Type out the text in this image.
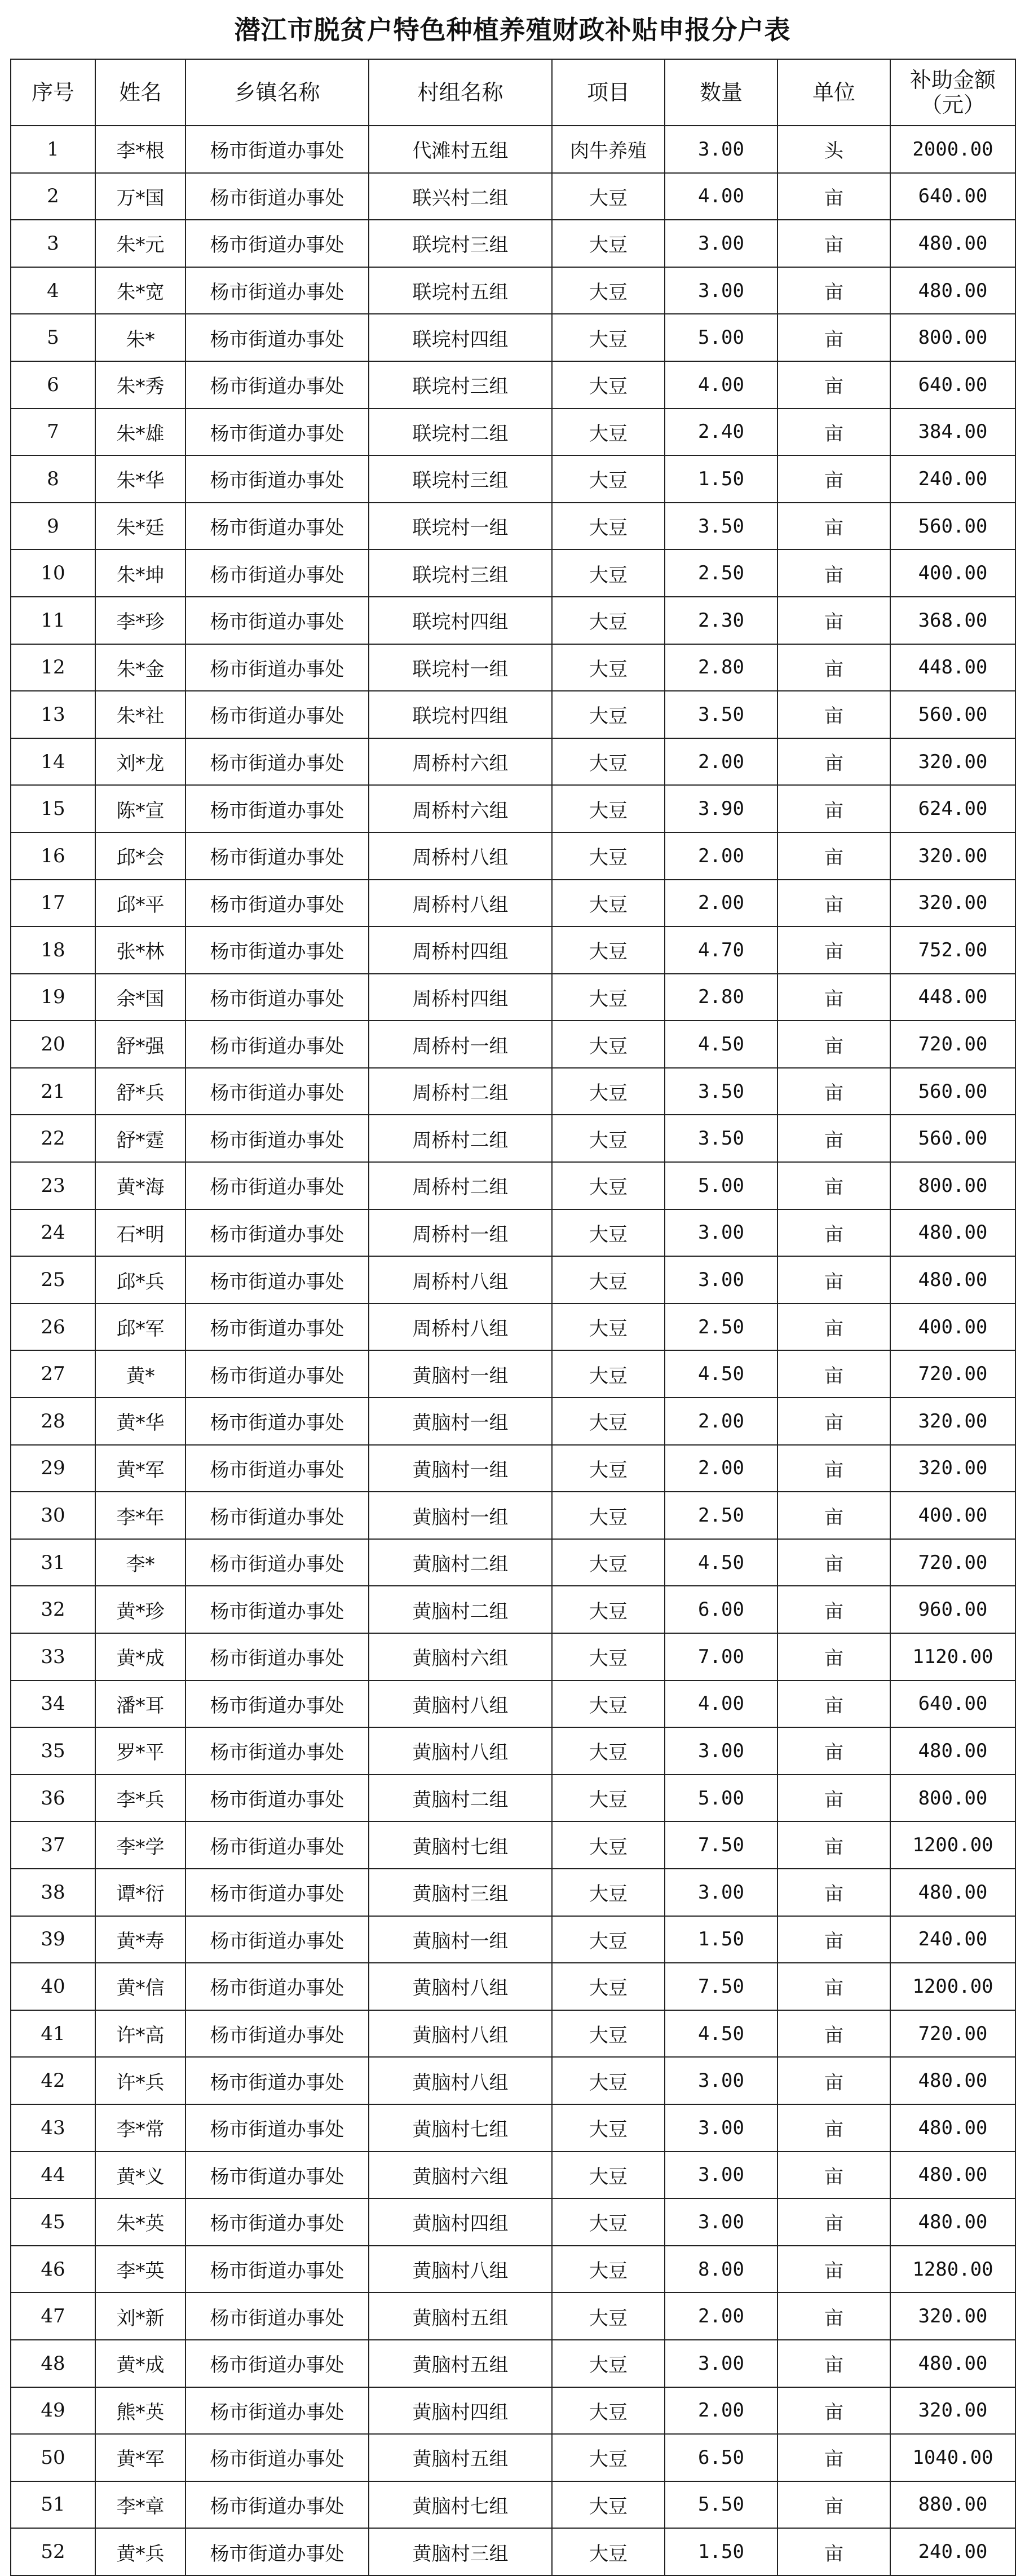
潜江市脱贫户特色种植养殖财政补贴申报分户表
序号	姓名	乡镇名称	村组名称	项目	数量	单位	补助金额
（元）

1	李*根	杨市街道办事处	代滩村五组	肉牛养殖	3.00	头	2000.00
2	万*国	杨市街道办事处	联兴村二组	大豆	4.00	亩	640.00
3	朱*元	杨市街道办事处	联垸村三组	大豆	3.00	亩	480.00
4	朱*宽	杨市街道办事处	联垸村五组	大豆	3.00	亩	480.00
5	朱*	杨市街道办事处	联垸村四组	大豆	5.00	亩	800.00
6	朱*秀	杨市街道办事处	联垸村三组	大豆	4.00	亩	640.00
7	朱*雄	杨市街道办事处	联垸村二组	大豆	2.40	亩	384.00
8	朱*华	杨市街道办事处	联垸村三组	大豆	1.50	亩	240.00
9	朱*廷	杨市街道办事处	联垸村一组	大豆	3.50	亩	560.00
10	朱*坤	杨市街道办事处	联垸村三组	大豆	2.50	亩	400.00
11	李*珍	杨市街道办事处	联垸村四组	大豆	2.30	亩	368.00
12	朱*金	杨市街道办事处	联垸村一组	大豆	2.80	亩	448.00
13	朱*社	杨市街道办事处	联垸村四组	大豆	3.50	亩	560.00
14	刘*龙	杨市街道办事处	周桥村六组	大豆	2.00	亩	320.00
15	陈*宣	杨市街道办事处	周桥村六组	大豆	3.90	亩	624.00
16	邱*会	杨市街道办事处	周桥村八组	大豆	2.00	亩	320.00
17	邱*平	杨市街道办事处	周桥村八组	大豆	2.00	亩	320.00
18	张*林	杨市街道办事处	周桥村四组	大豆	4.70	亩	752.00
19	余*国	杨市街道办事处	周桥村四组	大豆	2.80	亩	448.00
20	舒*强	杨市街道办事处	周桥村一组	大豆	4.50	亩	720.00
21	舒*兵	杨市街道办事处	周桥村二组	大豆	3.50	亩	560.00
22	舒*霆	杨市街道办事处	周桥村二组	大豆	3.50	亩	560.00
23	黄*海	杨市街道办事处	周桥村二组	大豆	5.00	亩	800.00
24	石*明	杨市街道办事处	周桥村一组	大豆	3.00	亩	480.00
25	邱*兵	杨市街道办事处	周桥村八组	大豆	3.00	亩	480.00
26	邱*军	杨市街道办事处	周桥村八组	大豆	2.50	亩	400.00
27	黄*	杨市街道办事处	黄脑村一组	大豆	4.50	亩	720.00
28	黄*华	杨市街道办事处	黄脑村一组	大豆	2.00	亩	320.00
29	黄*军	杨市街道办事处	黄脑村一组	大豆	2.00	亩	320.00
30	李*年	杨市街道办事处	黄脑村一组	大豆	2.50	亩	400.00
31	李*	杨市街道办事处	黄脑村二组	大豆	4.50	亩	720.00
32	黄*珍	杨市街道办事处	黄脑村二组	大豆	6.00	亩	960.00
33	黄*成	杨市街道办事处	黄脑村六组	大豆	7.00	亩	1120.00
34	潘*耳	杨市街道办事处	黄脑村八组	大豆	4.00	亩	640.00
35	罗*平	杨市街道办事处	黄脑村八组	大豆	3.00	亩	480.00
36	李*兵	杨市街道办事处	黄脑村二组	大豆	5.00	亩	800.00
37	李*学	杨市街道办事处	黄脑村七组	大豆	7.50	亩	1200.00
38	谭*衍	杨市街道办事处	黄脑村三组	大豆	3.00	亩	480.00
39	黄*寿	杨市街道办事处	黄脑村一组	大豆	1.50	亩	240.00
40	黄*信	杨市街道办事处	黄脑村八组	大豆	7.50	亩	1200.00
41	许*高	杨市街道办事处	黄脑村八组	大豆	4.50	亩	720.00
42	许*兵	杨市街道办事处	黄脑村八组	大豆	3.00	亩	480.00
43	李*常	杨市街道办事处	黄脑村七组	大豆	3.00	亩	480.00
44	黄*义	杨市街道办事处	黄脑村六组	大豆	3.00	亩	480.00
45	朱*英	杨市街道办事处	黄脑村四组	大豆	3.00	亩	480.00
46	李*英	杨市街道办事处	黄脑村八组	大豆	8.00	亩	1280.00
47	刘*新	杨市街道办事处	黄脑村五组	大豆	2.00	亩	320.00
48	黄*成	杨市街道办事处	黄脑村五组	大豆	3.00	亩	480.00
49	熊*英	杨市街道办事处	黄脑村四组	大豆	2.00	亩	320.00
50	黄*军	杨市街道办事处	黄脑村五组	大豆	6.50	亩	1040.00
51	李*章	杨市街道办事处	黄脑村七组	大豆	5.50	亩	880.00
52	黄*兵	杨市街道办事处	黄脑村三组	大豆	1.50	亩	240.00
